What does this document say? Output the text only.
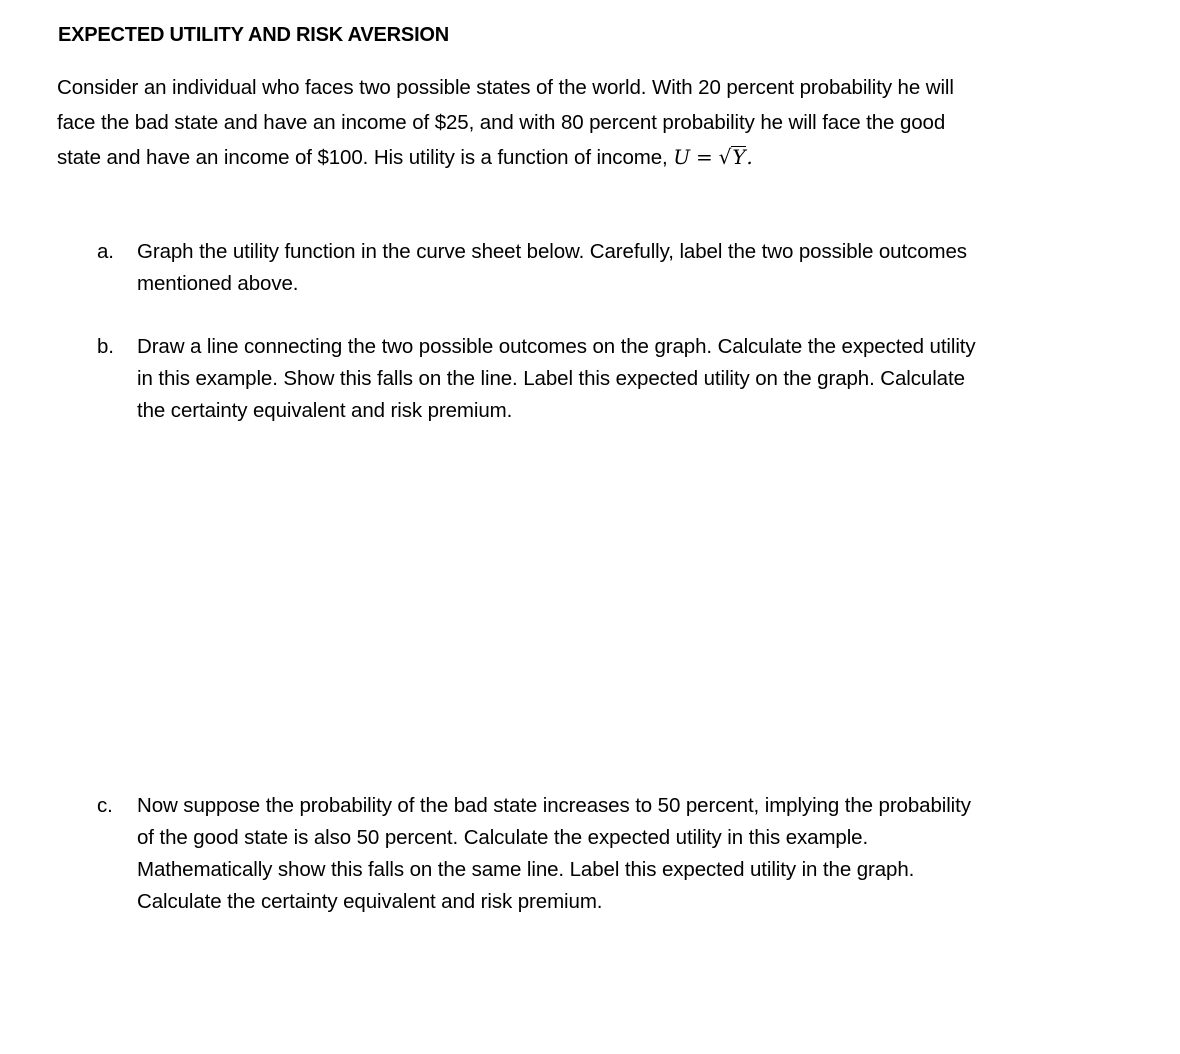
EXPECTED UTILITY AND RISK AVERSION
Consider an individual who faces two possible states of the world. With 20 percent probability he will
face the bad state and have an income of $25, and with 80 percent probability he will face the good
state and have an income of $100. His utility is a function of income, U = √Y.
a.	Graph the utility function in the curve sheet below. Carefully, label the two possible outcomes
mentioned above.
b.	Draw a line connecting the two possible outcomes on the graph. Calculate the expected utility
in this example. Show this falls on the line. Label this expected utility on the graph. Calculate
the certainty equivalent and risk premium.
c.	Now suppose the probability of the bad state increases to 50 percent, implying the probability
of the good state is also 50 percent. Calculate the expected utility in this example.
Mathematically show this falls on the same line. Label this expected utility in the graph.
Calculate the certainty equivalent and risk premium.
